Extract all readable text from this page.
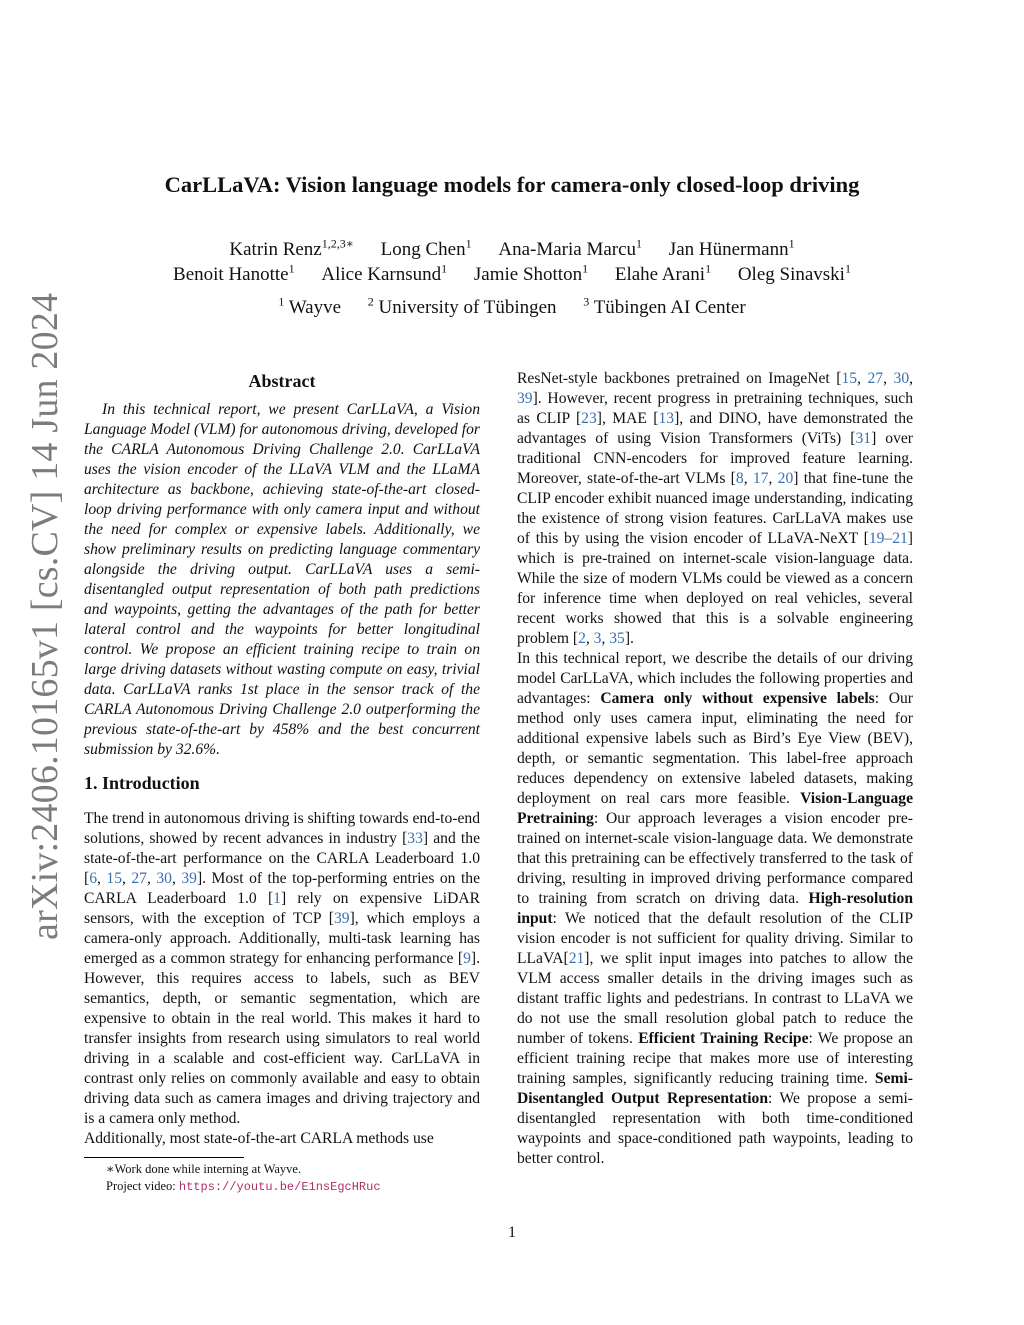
arXiv:2406.10165v1 [cs.CV] 14 Jun 2024
CarLLaVA: Vision language models for camera-only closed-loop driving
Katrin Renz$^{1,2,3∗}$ Long Chen$^1$ Ana-Maria Marcu$^1$ Jan Hünermann$^1$
Benoit Hanotte$^1$ Alice Karnsund$^1$ Jamie Shotton$^1$ Elahe Arani$^1$ Oleg Sinavski$^1$
$^1$ Wayve $^2$ University of Tübingen $^3$ Tübingen AI Center
Abstract
In this technical report, we present CarLLaVA, a Vision Language Model (VLM) for autonomous driving, developed for the CARLA Autonomous Driving Challenge 2.0. CarLLaVA uses the vision encoder of the LLaVA VLM and the LLaMA architecture as backbone, achieving state-of-the-art closed-loop driving performance with only camera input and without the need for complex or expensive labels. Additionally, we show preliminary results on predicting language commentary alongside the driving output. CarLLaVA uses a semi-disentangled output representation of both path predictions and waypoints, getting the advantages of the path for better lateral control and the waypoints for better longitudinal control. We propose an efficient training recipe to train on large driving datasets without wasting compute on easy, trivial data. CarLLaVA ranks 1st place in the sensor track of the CARLA Autonomous Driving Challenge 2.0 outperforming the previous state-of-the-art by 458% and the best concurrent submission by 32.6%.
1. Introduction
The trend in autonomous driving is shifting towards end-to-end solutions, showed by recent advances in industry [33] and the state-of-the-art performance on the CARLA Leaderboard 1.0 [6, 15, 27, 30, 39]. Most of the top-performing entries on the CARLA Leaderboard 1.0 [1] rely on expensive LiDAR sensors, with the exception of TCP [39], which employs a camera-only approach. Additionally, multi-task learning has emerged as a common strategy for enhancing performance [9]. However, this requires access to labels, such as BEV semantics, depth, or semantic segmentation, which are expensive to obtain in the real world. This makes it hard to transfer insights from research using simulators to real world driving in a scalable and cost-efficient way. CarLLaVA in contrast only relies on commonly available and easy to obtain driving data such as camera images and driving trajectory and is a camera only method.
Additionally, most state-of-the-art CARLA methods use

ResNet-style backbones pretrained on ImageNet [15, 27, 30, 39]. However, recent progress in pretraining techniques, such as CLIP [23], MAE [13], and DINO, have demonstrated the advantages of using Vision Transformers (ViTs) [31] over traditional CNN-encoders for improved feature learning. Moreover, state-of-the-art VLMs [8, 17, 20] that fine-tune the CLIP encoder exhibit nuanced image understanding, indicating the existence of strong vision features. CarLLaVA makes use of this by using the vision encoder of LLaVA-NeXT [19–21] which is pre-trained on internet-scale vision-language data. While the size of modern VLMs could be viewed as a concern for inference time when deployed on real vehicles, several recent works showed that this is a solvable engineering problem [2, 3, 35].

In this technical report, we describe the details of our driving model CarLLaVA, which includes the following properties and advantages: Camera only without expensive labels: Our method only uses camera input, eliminating the need for additional expensive labels such as Bird’s Eye View (BEV), depth, or semantic segmentation. This label-free approach reduces dependency on extensive labeled datasets, making deployment on real cars more feasible. Vision-Language Pretraining: Our approach leverages a vision encoder pre-trained on internet-scale vision-language data. We demonstrate that this pretraining can be effectively transferred to the task of driving, resulting in improved driving performance compared to training from scratch on driving data. High-resolution input: We noticed that the default resolution of the CLIP vision encoder is not sufficient for quality driving. Similar to LLaVA[21], we split input images into patches to allow the VLM access smaller details in the driving images such as distant traffic lights and pedestrians. In contrast to LLaVA we do not use the small resolution global patch to reduce the number of tokens. Efficient Training Recipe: We propose an efficient training recipe that makes more use of interesting training samples, significantly reducing training time. Semi-Disentangled Output Representation: We propose a semi-disentangled representation with both time-conditioned waypoints and space-conditioned path waypoints, leading to better control.

∗Work done while interning at Wayve.
Project video: https://youtu.be/E1nsEgcHRuc
1
